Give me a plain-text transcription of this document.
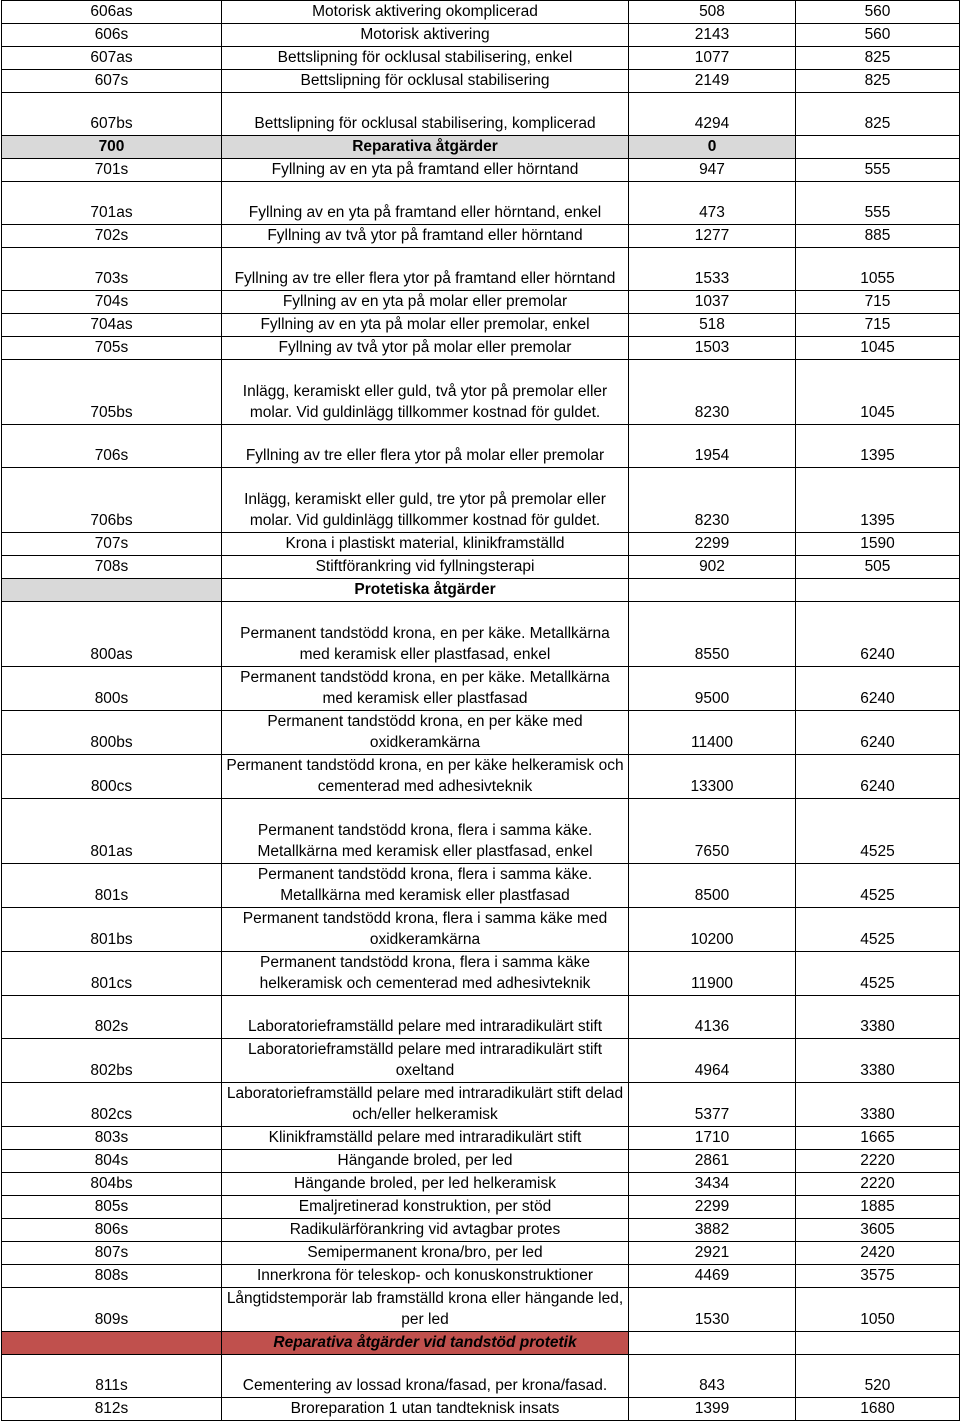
606as	Motorisk aktivering okomplicerad	508	560
606s	Motorisk aktivering	2143	560
607as	Bettslipning för ocklusal stabilisering, enkel	1077	825
607s	Bettslipning för ocklusal stabilisering	2149	825
607bs	Bettslipning för ocklusal stabilisering, komplicerad	4294	825
700	Reparativa åtgärder	0	
701s	Fyllning av en yta på framtand eller hörntand	947	555
701as	Fyllning av en yta på framtand eller hörntand, enkel	473	555
702s	Fyllning av två ytor på framtand eller hörntand	1277	885
703s	Fyllning av tre eller flera ytor på framtand eller hörntand	1533	1055
704s	Fyllning av en yta på molar eller premolar	1037	715
704as	Fyllning av en yta på molar eller premolar, enkel	518	715
705s	Fyllning av två ytor på molar eller premolar	1503	1045
705bs	Inlägg, keramiskt eller guld, två ytor på premolar eller molar. Vid guldinlägg tillkommer kostnad för guldet.	8230	1045
706s	Fyllning av tre eller flera ytor på molar eller premolar	1954	1395
706bs	Inlägg, keramiskt eller guld, tre ytor på premolar eller molar. Vid guldinlägg tillkommer kostnad för guldet.	8230	1395
707s	Krona i plastiskt material, klinikframställd	2299	1590
708s	Stiftförankring vid fyllningsterapi	902	505
	Protetiska åtgärder		
800as	Permanent tandstödd krona, en per käke. Metallkärna med keramisk eller plastfasad, enkel	8550	6240
800s	Permanent tandstödd krona, en per käke. Metallkärna med keramisk eller plastfasad	9500	6240
800bs	Permanent tandstödd krona, en per käke med oxidkeramkärna	11400	6240
800cs	Permanent tandstödd krona, en per käke helkeramisk och cementerad med adhesivteknik	13300	6240
801as	Permanent tandstödd krona, flera i samma käke. Metallkärna med keramisk eller plastfasad, enkel	7650	4525
801s	Permanent tandstödd krona, flera i samma käke. Metallkärna med keramisk eller plastfasad	8500	4525
801bs	Permanent tandstödd krona, flera i samma käke med oxidkeramkärna	10200	4525
801cs	Permanent tandstödd krona, flera i samma käke helkeramisk och cementerad med adhesivteknik	11900	4525
802s	Laboratorieframställd pelare med intraradikulärt stift	4136	3380
802bs	Laboratorieframställd pelare med intraradikulärt stift oxeltand	4964	3380
802cs	Laboratorieframställd pelare med intraradikulärt stift delad och/eller helkeramisk	5377	3380
803s	Klinikframställd pelare med intraradikulärt stift	1710	1665
804s	Hängande broled, per led	2861	2220
804bs	Hängande broled, per led helkeramisk	3434	2220
805s	Emaljretinerad konstruktion, per stöd	2299	1885
806s	Radikulärförankring vid avtagbar protes	3882	3605
807s	Semipermanent krona/bro, per led	2921	2420
808s	Innerkrona för teleskop- och konuskonstruktioner	4469	3575
809s	Långtidstemporär lab framställd krona eller hängande led, per led	1530	1050
	Reparativa åtgärder vid tandstöd protetik		
811s	Cementering av lossad krona/fasad, per krona/fasad.	843	520
812s	Broreparation 1 utan tandteknisk insats	1399	1680
